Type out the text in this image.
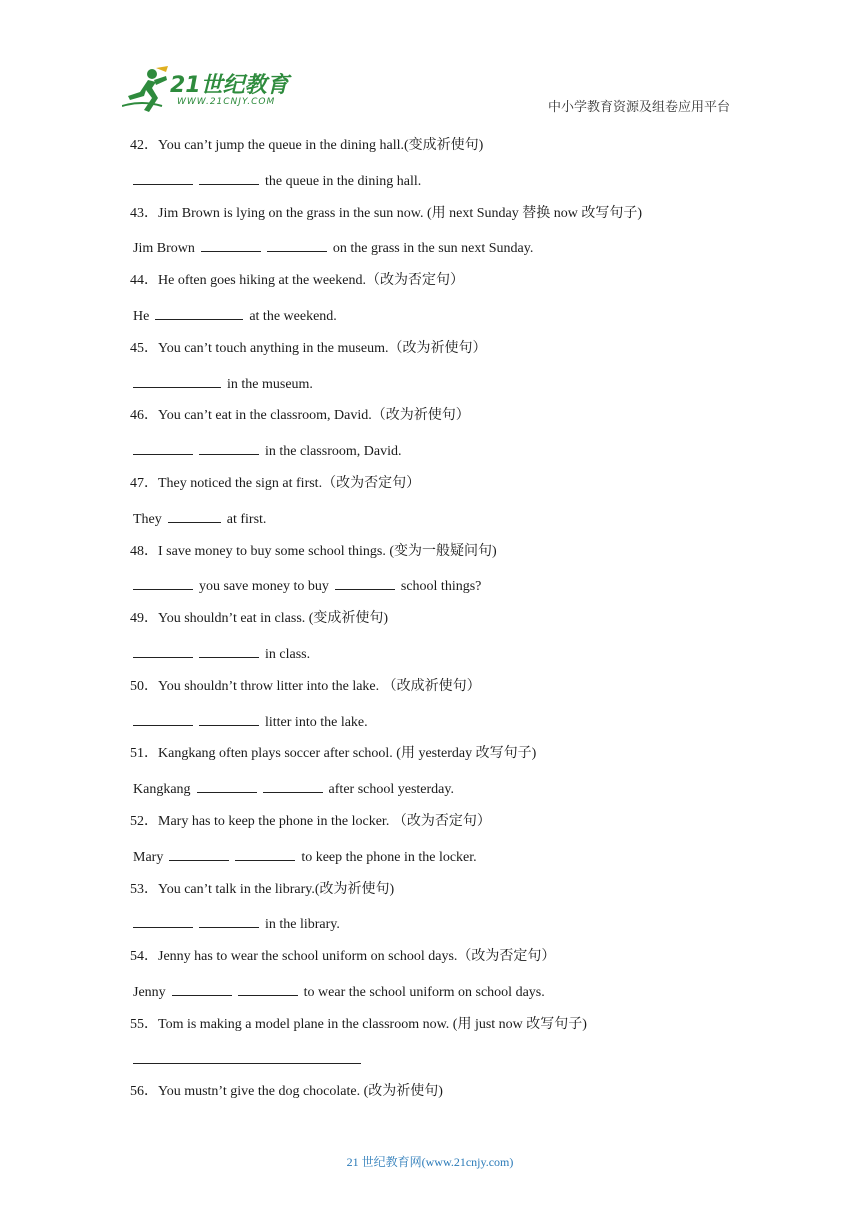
21世纪教育
WWW.21CNJY.COM	中小学教育资源及组卷应用平台
42．You can’t jump the queue in the dining hall.(变成祈使句)
the queue in the dining hall.
43．Jim Brown is lying on the grass in the sun now. (用 next Sunday 替换 now 改写句子)
Jim Brown	on the grass in the sun next Sunday.
44．He often goes hiking at the weekend.（改为否定句）
He	at the weekend.
45．You can’t touch anything in the museum.（改为祈使句）
in the museum.
46．You can’t eat in the classroom, David.（改为祈使句）
in the classroom, David.
47．They noticed the sign at first.（改为否定句）
They	at first.
48．I save money to buy some school things. (变为一般疑问句)
you save money to buy	school things?
49．You shouldn’t eat in class. (变成祈使句)
in class.
50．You shouldn’t throw litter into the lake. （改成祈使句）
litter into the lake.
51．Kangkang often plays soccer after school. (用 yesterday 改写句子)
Kangkang	after school yesterday.
52．Mary has to keep the phone in the locker. （改为否定句）
Mary	to keep the phone in the locker.
53．You can’t talk in the library.(改为祈使句)
in the library.
54．Jenny has to wear the school uniform on school days.（改为否定句）
Jenny	to wear the school uniform on school days.
55．Tom is making a model plane in the classroom now. (用 just now 改写句子)
56．You mustn’t give the dog chocolate. (改为祈使句)
21 世纪教育网(www.21cnjy.com)
